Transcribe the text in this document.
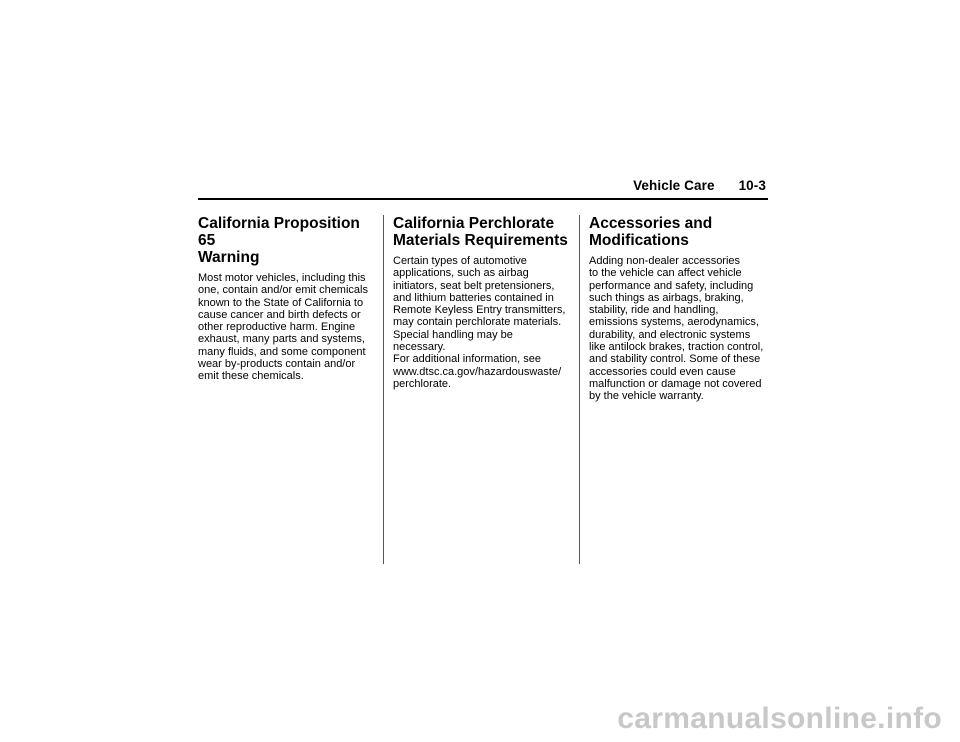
Vehicle Care 10-3
California Proposition 65
Warning

Most motor vehicles, including this
one, contain and/or emit chemicals
known to the State of California to
cause cancer and birth defects or
other reproductive harm. Engine
exhaust, many parts and systems,
many fluids, and some component
wear by-products contain and/or
emit these chemicals.

California Perchlorate
Materials Requirements

Certain types of automotive
applications, such as airbag
initiators, seat belt pretensioners,
and lithium batteries contained in
Remote Keyless Entry transmitters,
may contain perchlorate materials.
Special handling may be necessary.
For additional information, see
www.dtsc.ca.gov/hazardouswaste/
perchlorate.

Accessories and
Modifications

Adding non-dealer accessories
to the vehicle can affect vehicle
performance and safety, including
such things as airbags, braking,
stability, ride and handling,
emissions systems, aerodynamics,
durability, and electronic systems
like antilock brakes, traction control,
and stability control. Some of these
accessories could even cause
malfunction or damage not covered
by the vehicle warranty.

carmanualsonline.info
